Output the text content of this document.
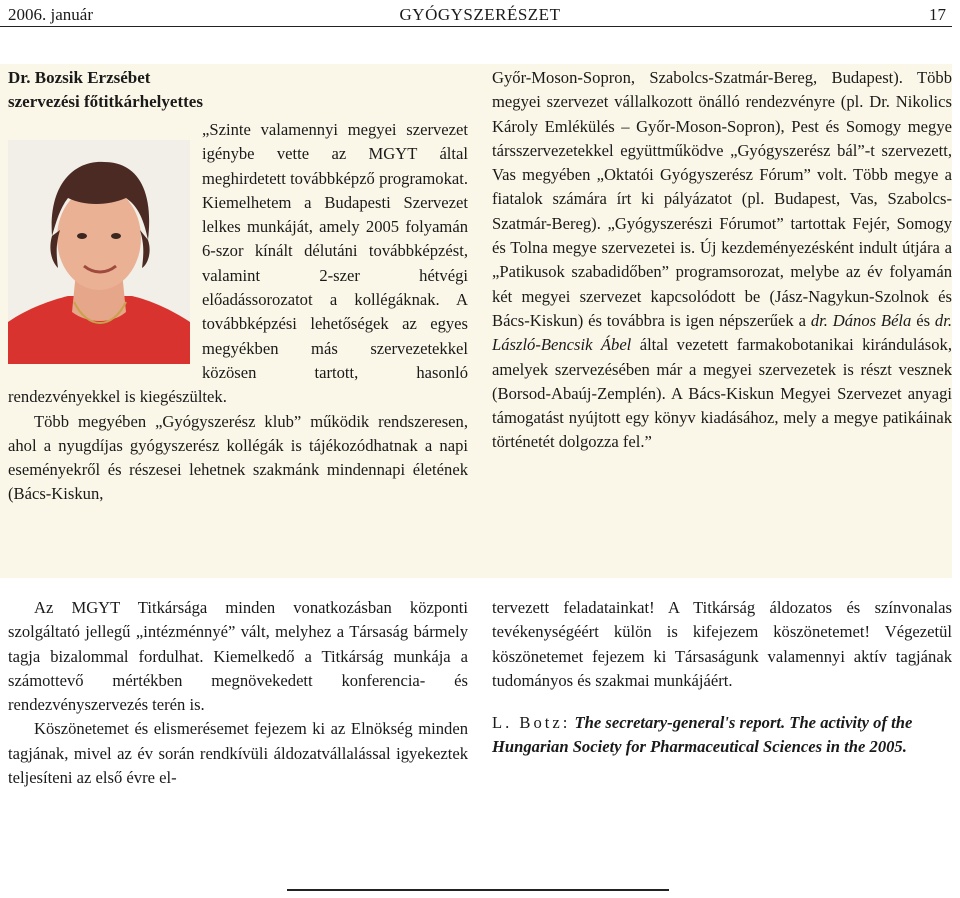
2006. január	GYÓGYSZERÉSZET	17
Dr. Bozsik Erzsébet
szervezési főtitkárhelyettes

„Szinte valamennyi megyei szervezet igénybe vette az MGYT által meghirdetett továbbképző programokat. Kiemelhetem a Budapesti Szervezet lelkes munkáját, amely 2005 folyamán 6-szor kínált délutáni továbbképzést, valamint 2-szer hétvégi előadássorozatot a kollégáknak. A továbbképzési lehetőségek az egyes megyékben más szervezetekkel közösen tartott, hasonló rendezvényekkel is kiegészültek.

Több megyében „Gyógyszerész klub” működik rendszeresen, ahol a nyugdíjas gyógyszerész kollégák is tájékozódhatnak a napi eseményekről és részesei lehetnek szakmánk mindennapi életének (Bács-Kiskun,

Győr-Moson-Sopron, Szabolcs-Szatmár-Bereg, Budapest). Több megyei szervezet vállalkozott önálló rendezvényre (pl. Dr. Nikolics Károly Emlékülés – Győr-Moson-Sopron), Pest és Somogy megye társszervezetekkel együttműködve „Gyógyszerész bál”-t szervezett, Vas megyében „Oktatói Gyógyszerész Fórum” volt. Több megye a fiatalok számára írt ki pályázatot (pl. Budapest, Vas, Szabolcs-Szatmár-Bereg). „Gyógyszerészi Fórumot” tartottak Fejér, Somogy és Tolna megye szervezetei is. Új kezdeményezésként indult útjára a „Patikusok szabadidőben” programsorozat, melybe az év folyamán két megyei szervezet kapcsolódott be (Jász-Nagykun-Szolnok és Bács-Kiskun) és továbbra is igen népszerűek a dr. Dános Béla és dr. László-Bencsik Ábel által vezetett farmakobotanikai kirándulások, amelyek szervezésében már a megyei szervezetek is részt vesznek (Borsod-Abaúj-Zemplén). A Bács-Kiskun Megyei Szervezet anyagi támogatást nyújtott egy könyv kiadásához, mely a megye patikáinak történetét dolgozza fel.”

Az MGYT Titkársága minden vonatkozásban központi szolgáltató jellegű „intézménnyé” vált, melyhez a Társaság bármely tagja bizalommal fordulhat. Kiemelkedő a Titkárság munkája a számottevő mértékben megnövekedett konferencia- és rendezvényszervezés terén is.

Köszönetemet és elismerésemet fejezem ki az Elnökség minden tagjának, mivel az év során rendkívüli áldozatvállalással igyekeztek teljesíteni az első évre el-

tervezett feladatainkat! A Titkárság áldozatos és színvonalas tevékenységéért külön is kifejezem köszönetemet! Végezetül köszönetemet fejezem ki Társaságunk valamennyi aktív tagjának tudományos és szakmai munkájáért.

L. Botz: The secretary-general's report. The activity of the Hungarian Society for Pharmaceutical Sciences in the 2005.
